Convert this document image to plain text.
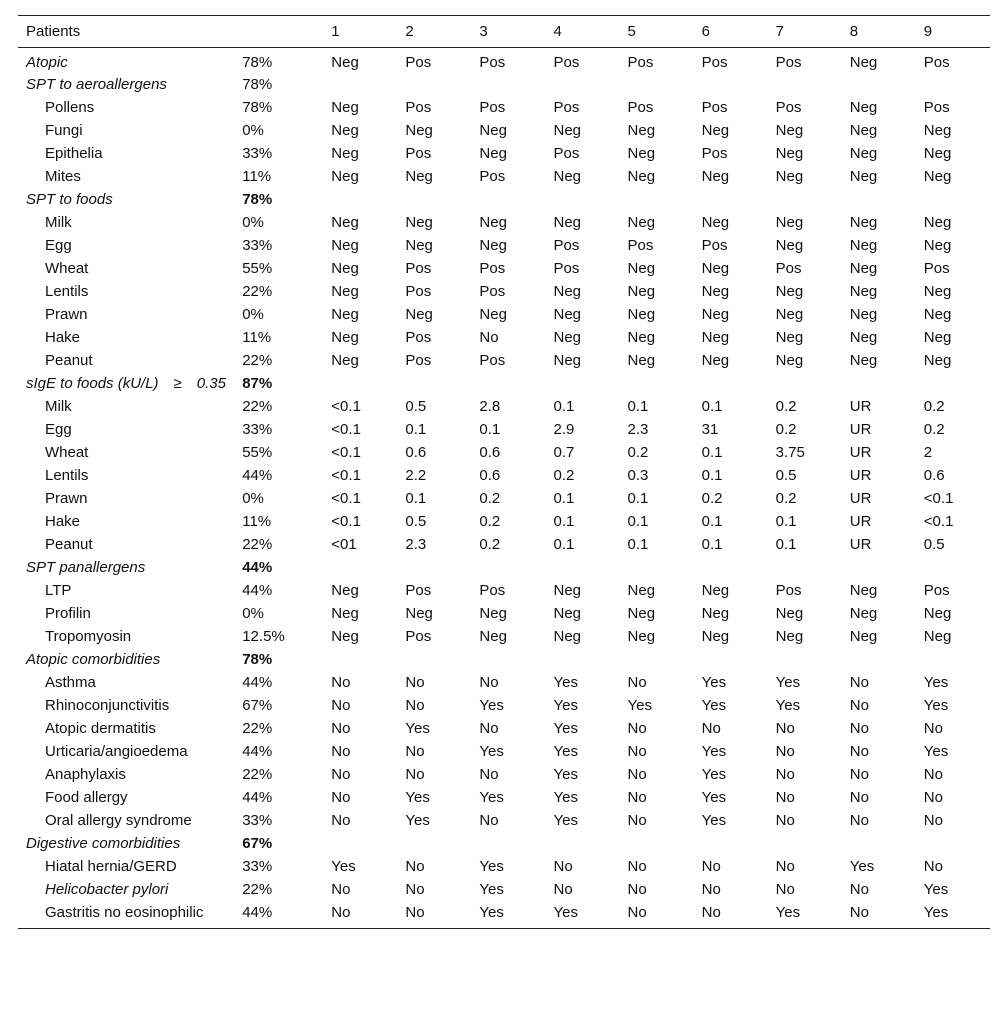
Patients		1	2	3	4	5	6	7	8	9
Atopic	78%	Neg	Pos	Pos	Pos	Pos	Pos	Pos	Neg	Pos
SPT to aeroallergens	78%									
Pollens	78%	Neg	Pos	Pos	Pos	Pos	Pos	Pos	Neg	Pos
Fungi	0%	Neg	Neg	Neg	Neg	Neg	Neg	Neg	Neg	Neg
Epithelia	33%	Neg	Pos	Neg	Pos	Neg	Pos	Neg	Neg	Neg
Mites	11%	Neg	Neg	Pos	Neg	Neg	Neg	Neg	Neg	Neg
SPT to foods	78%									
Milk	0%	Neg	Neg	Neg	Neg	Neg	Neg	Neg	Neg	Neg
Egg	33%	Neg	Neg	Neg	Pos	Pos	Pos	Neg	Neg	Neg
Wheat	55%	Neg	Pos	Pos	Pos	Neg	Neg	Pos	Neg	Pos
Lentils	22%	Neg	Pos	Pos	Neg	Neg	Neg	Neg	Neg	Neg
Prawn	0%	Neg	Neg	Neg	Neg	Neg	Neg	Neg	Neg	Neg
Hake	11%	Neg	Pos	No	Neg	Neg	Neg	Neg	Neg	Neg
Peanut	22%	Neg	Pos	Pos	Neg	Neg	Neg	Neg	Neg	Neg
sIgE to foods (kU/L) ≥ 0.35	87%									
Milk	22%	<0.1	0.5	2.8	0.1	0.1	0.1	0.2	UR	0.2
Egg	33%	<0.1	0.1	0.1	2.9	2.3	31	0.2	UR	0.2
Wheat	55%	<0.1	0.6	0.6	0.7	0.2	0.1	3.75	UR	2
Lentils	44%	<0.1	2.2	0.6	0.2	0.3	0.1	0.5	UR	0.6
Prawn	0%	<0.1	0.1	0.2	0.1	0.1	0.2	0.2	UR	<0.1
Hake	11%	<0.1	0.5	0.2	0.1	0.1	0.1	0.1	UR	<0.1
Peanut	22%	<01	2.3	0.2	0.1	0.1	0.1	0.1	UR	0.5
SPT panallergens	44%									
LTP	44%	Neg	Pos	Pos	Neg	Neg	Neg	Pos	Neg	Pos
Profilin	0%	Neg	Neg	Neg	Neg	Neg	Neg	Neg	Neg	Neg
Tropomyosin	12.5%	Neg	Pos	Neg	Neg	Neg	Neg	Neg	Neg	Neg
Atopic comorbidities	78%									
Asthma	44%	No	No	No	Yes	No	Yes	Yes	No	Yes
Rhinoconjunctivitis	67%	No	No	Yes	Yes	Yes	Yes	Yes	No	Yes
Atopic dermatitis	22%	No	Yes	No	Yes	No	No	No	No	No
Urticaria/angioedema	44%	No	No	Yes	Yes	No	Yes	No	No	Yes
Anaphylaxis	22%	No	No	No	Yes	No	Yes	No	No	No
Food allergy	44%	No	Yes	Yes	Yes	No	Yes	No	No	No
Oral allergy syndrome	33%	No	Yes	No	Yes	No	Yes	No	No	No
Digestive comorbidities	67%									
Hiatal hernia/GERD	33%	Yes	No	Yes	No	No	No	No	Yes	No
Helicobacter pylori	22%	No	No	Yes	No	No	No	No	No	Yes
Gastritis no eosinophilic	44%	No	No	Yes	Yes	No	No	Yes	No	Yes
